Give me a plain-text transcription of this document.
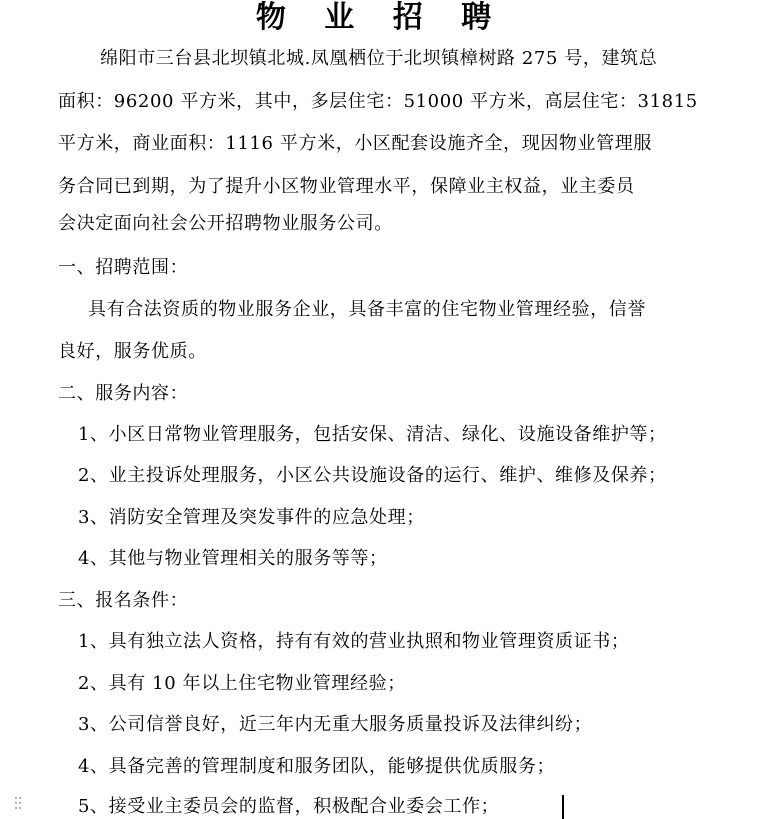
物 业 招 聘
绵阳市三台县北坝镇北城.凤凰栖位于北坝镇樟树路 275 号，建筑总
面积：96200 平方米，其中，多层住宅：51000 平方米，高层住宅：31815
平方米，商业面积：1116 平方米，小区配套设施齐全，现因物业管理服
务合同已到期，为了提升小区物业管理水平，保障业主权益，业主委员
会决定面向社会公开招聘物业服务公司。
一、招聘范围：
具有合法资质的物业服务企业，具备丰富的住宅物业管理经验，信誉
良好，服务优质。
二、服务内容：
1、小区日常物业管理服务，包括安保、清洁、绿化、设施设备维护等；
2、业主投诉处理服务，小区公共设施设备的运行、维护、维修及保养；
3、消防安全管理及突发事件的应急处理；
4、其他与物业管理相关的服务等等；
三、报名条件：
1、具有独立法人资格，持有有效的营业执照和物业管理资质证书；
2、具有 10 年以上住宅物业管理经验；
3、公司信誉良好，近三年内无重大服务质量投诉及法律纠纷；
4、具备完善的管理制度和服务团队，能够提供优质服务；
5、接受业主委员会的监督，积极配合业委会工作；
